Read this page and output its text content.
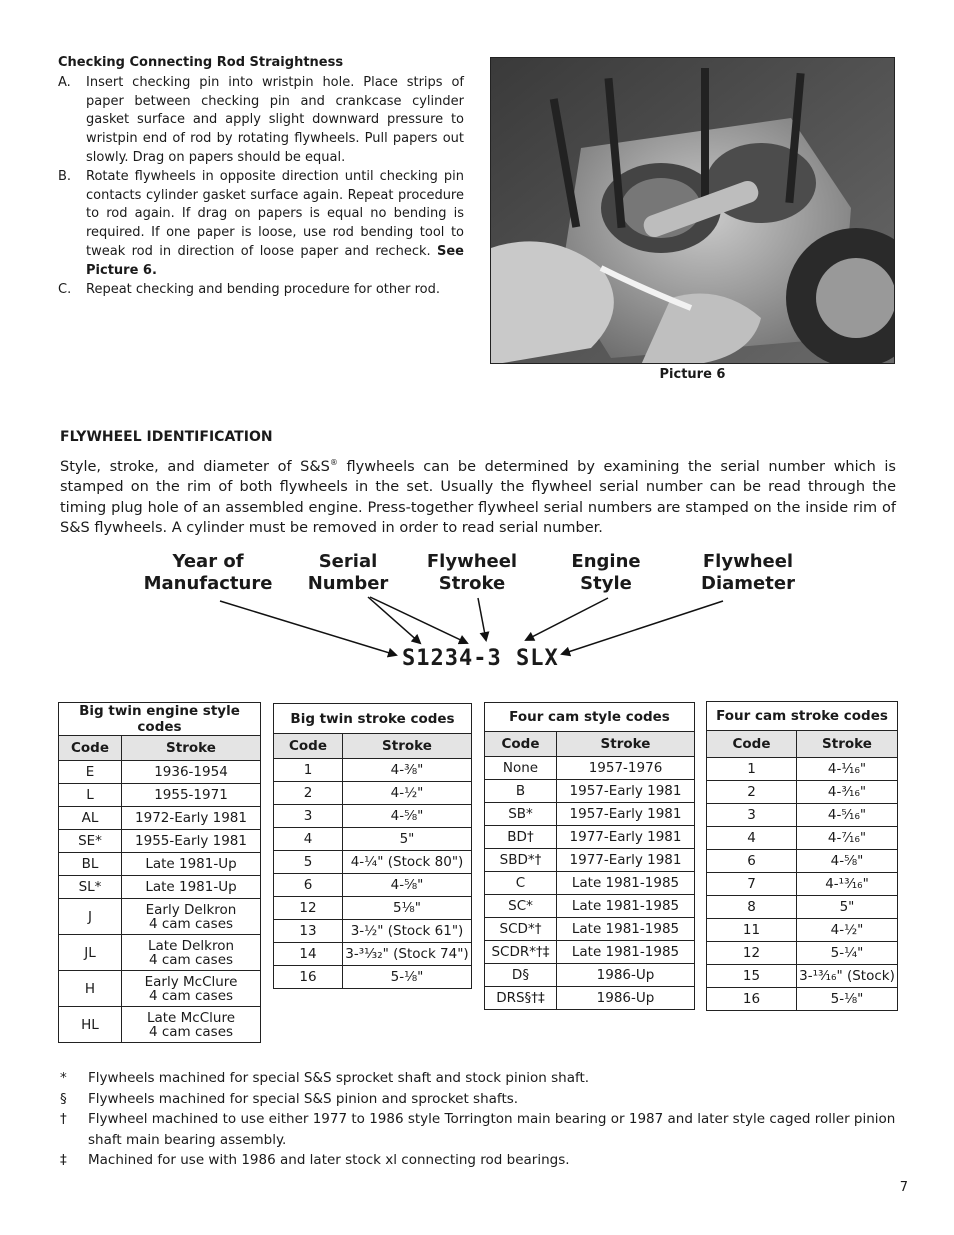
Checking Connecting Rod Straightness
A.	Insert checking pin into wristpin hole. Place strips of paper between checking pin and crankcase cylinder gasket surface and apply slight downward pressure to wristpin end of rod by rotating flywheels. Pull papers out slowly. Drag on papers should be equal.
B.	Rotate flywheels in opposite direction until checking pin contacts cylinder gasket surface again. Repeat procedure to rod again. If drag on papers is equal no bending is required. If one paper is loose, use rod bending tool to tweak rod in direction of loose paper and recheck. See Picture 6.
C.	Repeat checking and bending procedure for other rod.
Picture 6
FLYWHEEL IDENTIFICATION
Style, stroke, and diameter of S&S® flywheels can be determined by examining the serial number which is stamped on the rim of both flywheels in the set. Usually the flywheel serial number can be read through the timing plug hole of an assembled engine. Press-together flywheel serial numbers are stamped on the inside rim of S&S flywheels. A cylinder must be removed in order to read serial number.
Year of
Manufacture
Serial
Number
Flywheel
Stroke
Engine
Style
Flywheel
Diameter
S1234-3 SLX
Big twin engine style codes	
Code	Stroke
E	1936-1954
L	1955-1971
AL	1972-Early 1981
SE*	1955-Early 1981
BL	Late 1981-Up
SL*	Late 1981-Up
J	Early Delkron
4 cam cases

JL	Late Delkron
4 cam cases

H	Early McClure
4 cam cases

HL	Late McClure
4 cam cases
Big twin stroke codes	
Code	Stroke
1	4-⅜"
2	4-½"
3	4-⅝"
4	5"
5	4-¼" (Stock 80")
6	4-⅝"
12	5⅛"
13	3-½" (Stock 61")
14	3-³¹⁄₃₂" (Stock 74")
16	5-⅛"
Four cam style codes	
Code	Stroke
None	1957-1976
B	1957-Early 1981
SB*	1957-Early 1981
BD†	1977-Early 1981
SBD*†	1977-Early 1981
C	Late 1981-1985
SC*	Late 1981-1985
SCD*†	Late 1981-1985
SCDR*†‡	Late 1981-1985
D§	1986-Up
DRS§†‡	1986-Up
Four cam stroke codes	
Code	Stroke
1	4-¹⁄₁₆"
2	4-³⁄₁₆"
3	4-⁵⁄₁₆"
4	4-⁷⁄₁₆"
6	4-⅝"
7	4-¹³⁄₁₆"
8	5"
11	4-½"
12	5-¼"
15	3-¹³⁄₁₆" (Stock)
16	5-⅛"
*	Flywheels machined for special S&S sprocket shaft and stock pinion shaft.
§	Flywheels machined for special S&S pinion and sprocket shafts.
†	Flywheel machined to use either 1977 to 1986 style Torrington main bearing or 1987 and later style caged roller pinion shaft main bearing assembly.
‡	Machined for use with 1986 and later stock xl connecting rod bearings.
7
